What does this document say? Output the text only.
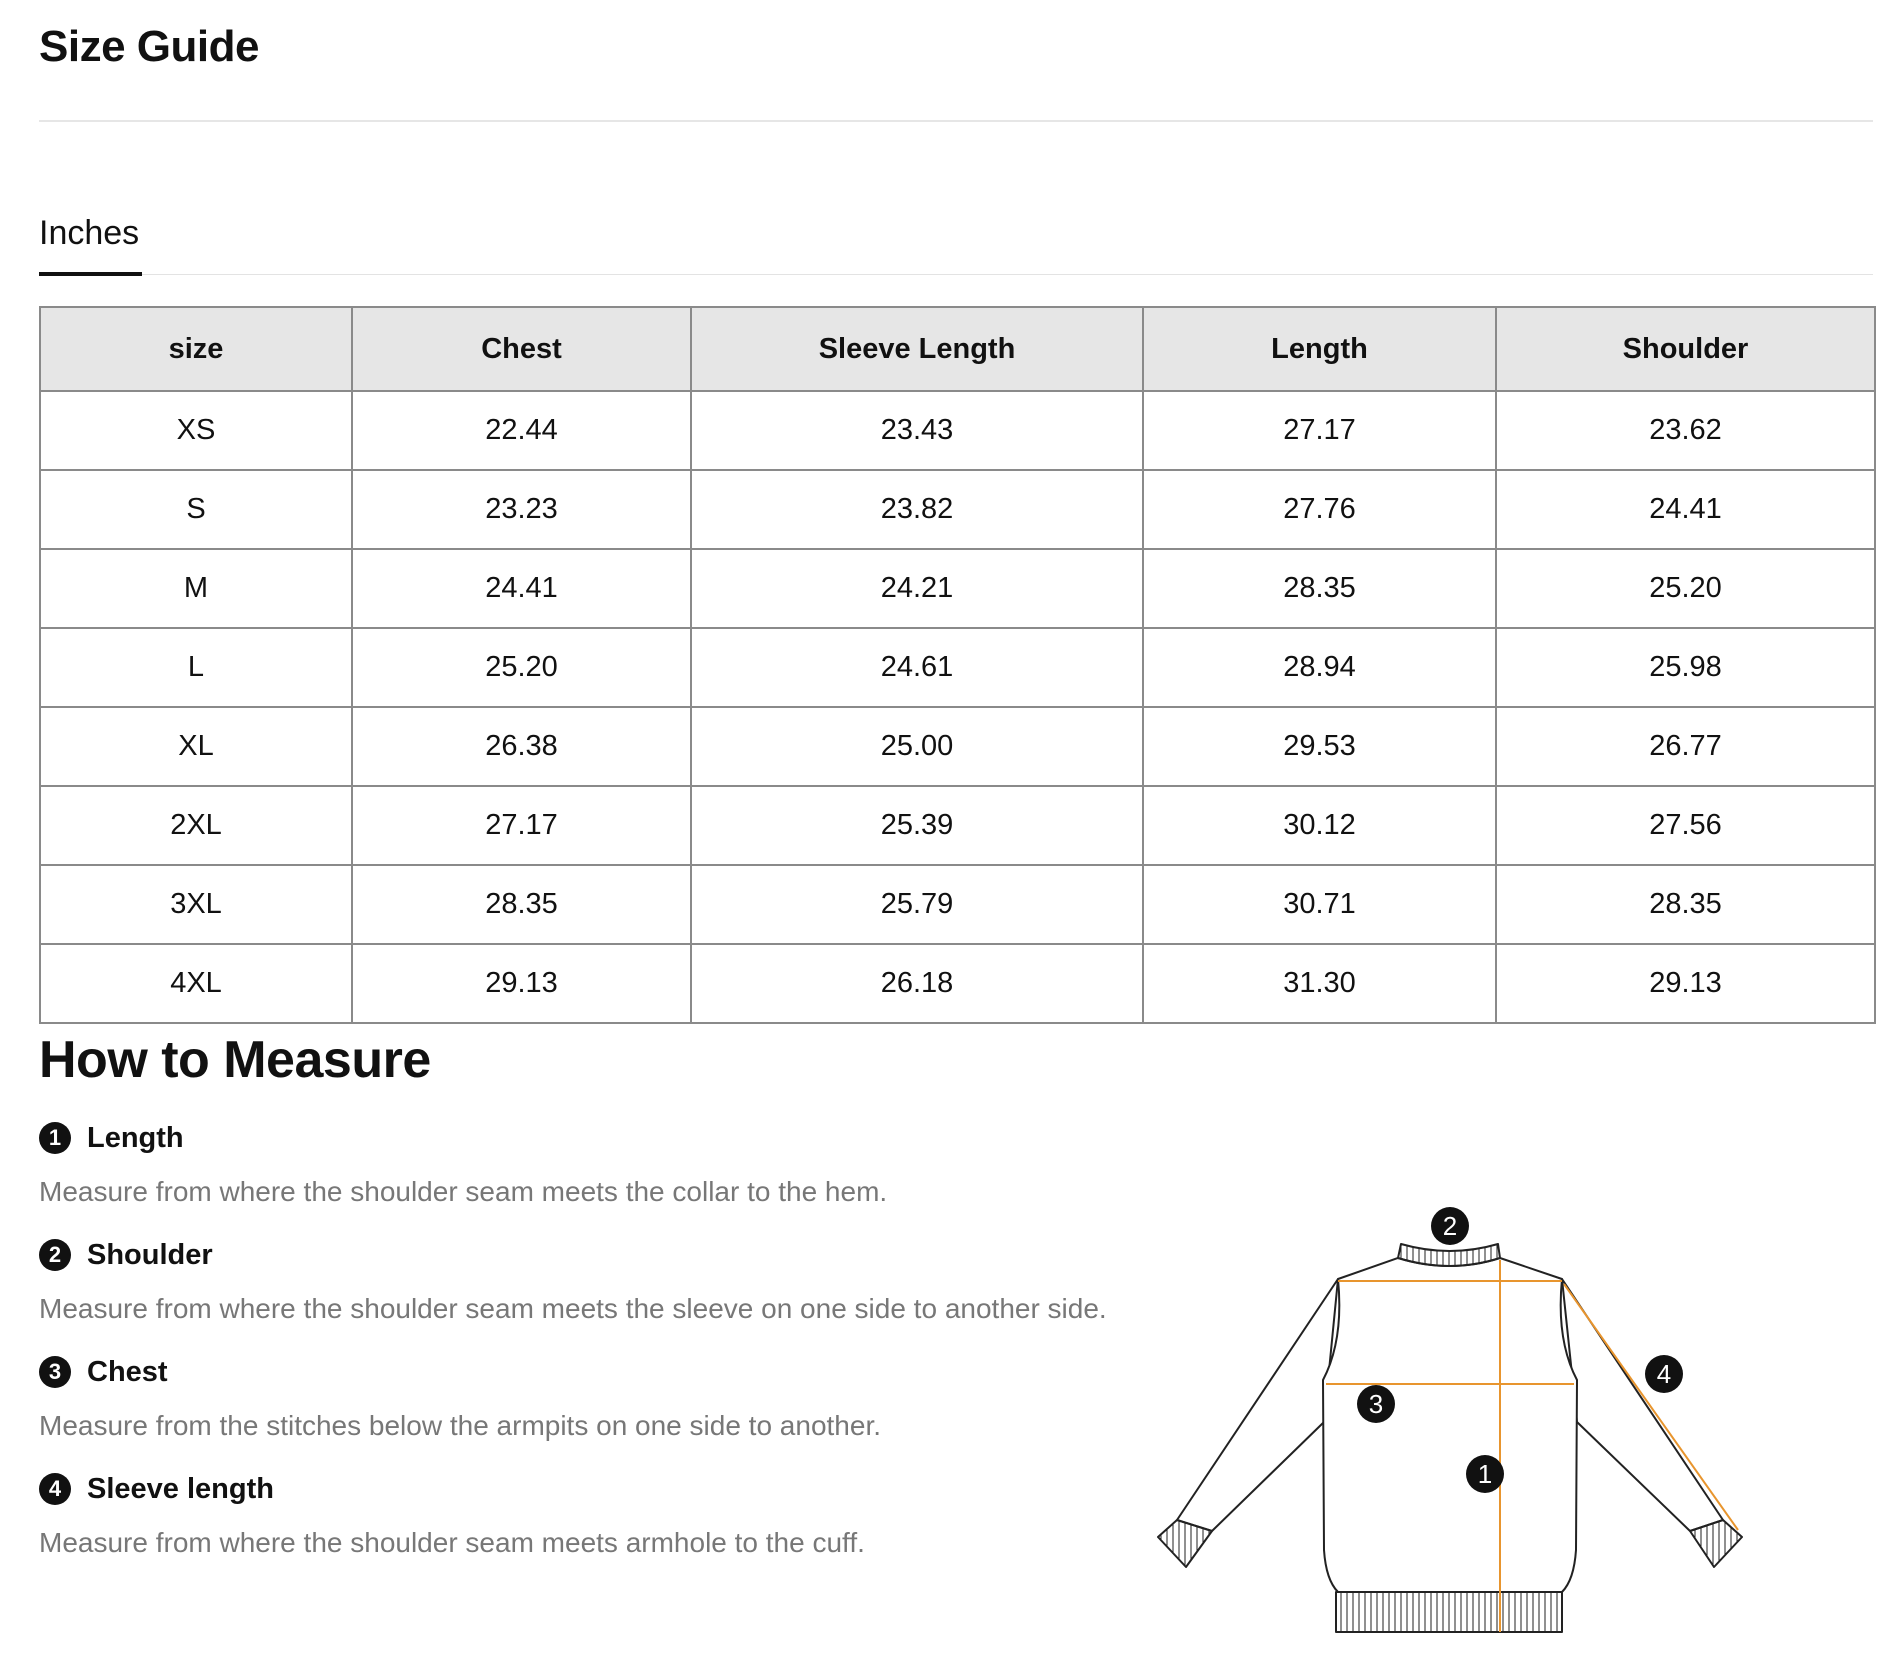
Size Guide
Inches
size	Chest	Sleeve Length	Length	Shoulder
XS	22.44	23.43	27.17	23.62
S	23.23	23.82	27.76	24.41
M	24.41	24.21	28.35	25.20
L	25.20	24.61	28.94	25.98
XL	26.38	25.00	29.53	26.77
2XL	27.17	25.39	30.12	27.56
3XL	28.35	25.79	30.71	28.35
4XL	29.13	26.18	31.30	29.13
How to Measure
1 Length
Measure from where the shoulder seam meets the collar to the hem.
2 Shoulder
Measure from where the shoulder seam meets the sleeve on one side to another side.
3 Chest
Measure from the stitches below the armpits on one side to another.
4 Sleeve length
Measure from where the shoulder seam meets armhole to the cuff.
1
2
3
4
